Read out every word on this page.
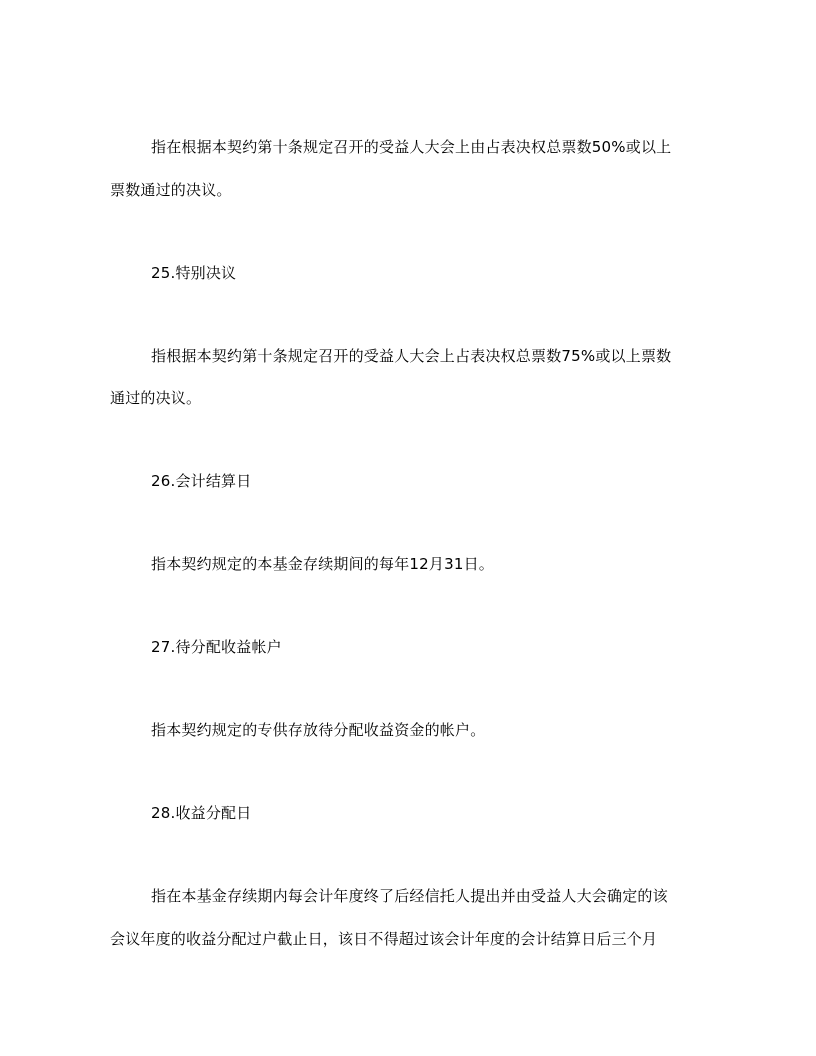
指在根据本契约第十条规定召开的受益人大会上由占表决权总票数50%或以上
票数通过的决议。
25.特别决议
指根据本契约第十条规定召开的受益人大会上占表决权总票数75%或以上票数
通过的决议。
26.会计结算日
指本契约规定的本基金存续期间的每年12月31日。
27.待分配收益帐户
指本契约规定的专供存放待分配收益资金的帐户。
28.收益分配日
指在本基金存续期内每会计年度终了后经信托人提出并由受益人大会确定的该
会议年度的收益分配过户截止日，该日不得超过该会计年度的会计结算日后三个月
